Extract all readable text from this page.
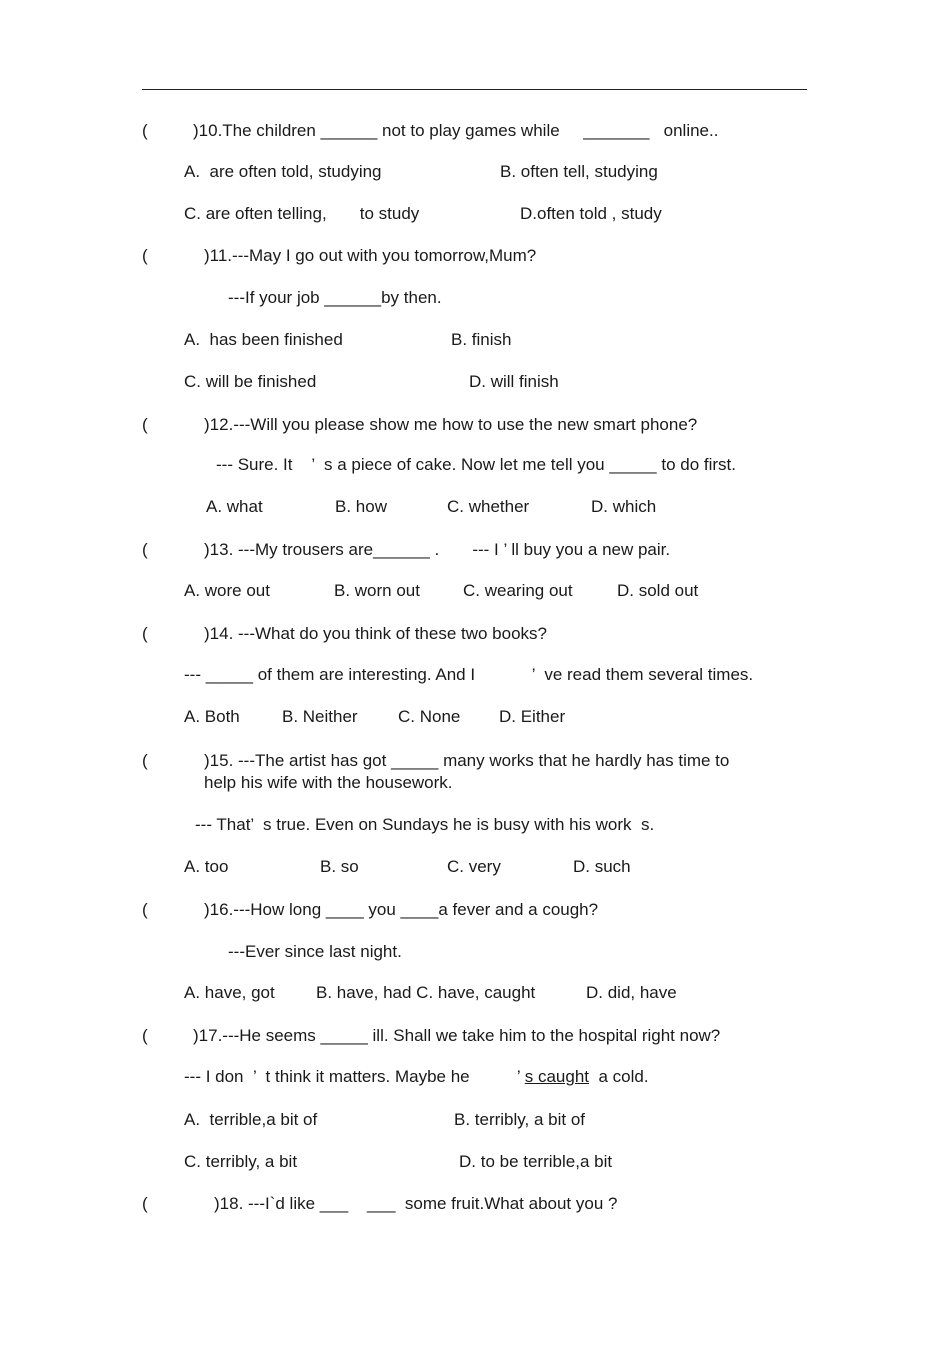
(	)10.The children ______ not to play games while     _______   online..
A.  are often told, studying	B. often tell, studying
C. are often telling,       to study	D.often told , study
(	)11.---May I go out with you tomorrow,Mum?
---If your job ______by then.
A.  has been finished	B. finish
C. will be finished	D. will finish
(	)12.---Will you please show me how to use the new smart phone?
--- Sure. It    ’  s a piece of cake. Now let me tell you _____ to do first.
A. what	B. how	C. whether	D. which
(	)13. ---My trousers are______ .       --- I ’ ll buy you a new pair.
A. wore out	B. worn out	C. wearing out	D. sold out
(	)14. ---What do you think of these two books?
--- _____ of them are interesting. And I            ’  ve read them several times.
A. Both B. Neither C. None D. Either
(	)15. ---The artist has got _____ many works that he hardly has time to
help his wife with the housework.
--- That’  s true. Even on Sundays he is busy with his work  s.
A. too	B. so	C. very	D. such
(	)16.---How long ____ you ____a fever and a cough?
---Ever since last night.
A. have, got B. have, had C. have, caught	D. did, have
(	)17.---He seems _____ ill. Shall we take him to the hospital right now?
--- I don  ’  t think it matters. Maybe he          ’ s caught  a cold.
A.  terrible,a bit of	B. terribly, a bit of
C. terribly, a bit	D. to be terrible,a bit
(	)18. ---I`d like ___    ___  some fruit.What about you ?
